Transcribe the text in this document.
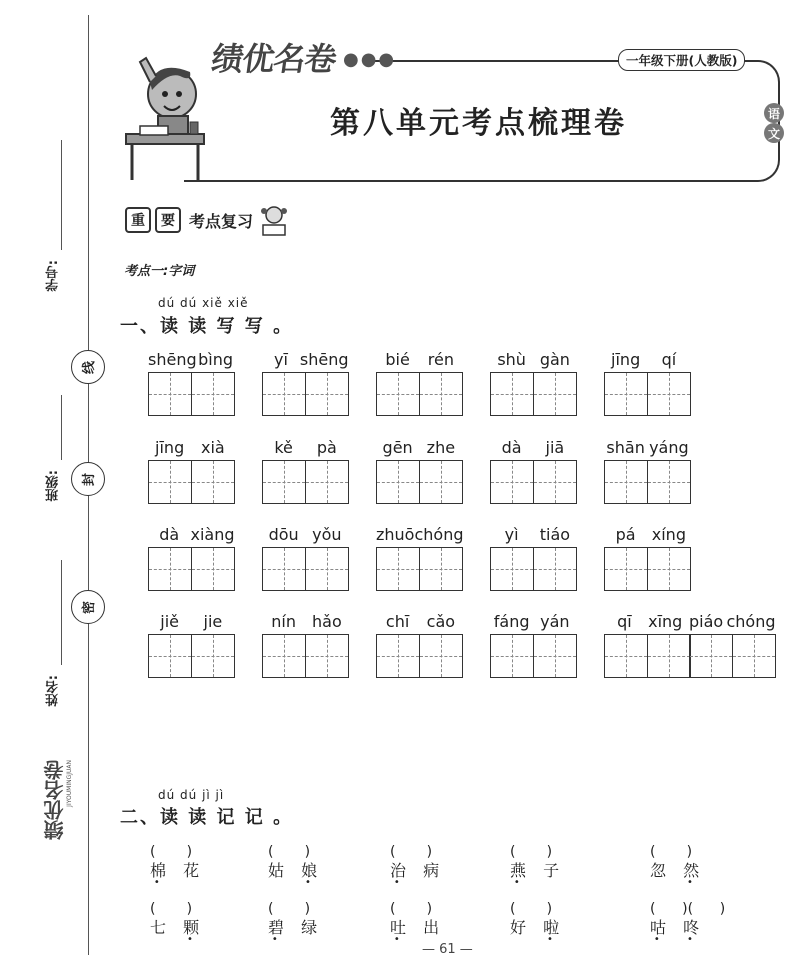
学号:
线
班级:	封
密
姓名:
绩优名卷 JIYOUMINGJUAN
绩优名卷 ●●●	一年级下册(人教版)
第八单元考点梳理卷	语
文
重	要 考点复习
考点一:字词
dú dú xiě xiě
一、读 读 写 写 。
shēng bìng	yī shēng	bié	rén	shù gàn	jīng	qí
jīng	xià	kě	pà	gēn zhe	dà	jiā	shān yáng
dà xiàng	dōu yǒu	zhuō chóng	yì	tiáo	pá	xíng
jiě	jie	nín	hǎo	chī	cǎo	fáng yán	qī	xīng piáo chóng
dú dú jì jì
二、读 读 记 记 。
(       )
棉 花
(       )
姑 娘
(       )
治 病
(       )
燕 子
(       )
忽 然
(       )
七 颗
(       )
碧 绿
(       )
吐 出
(       )
好 啦
(      )(      )
咕 咚
— 61 —
